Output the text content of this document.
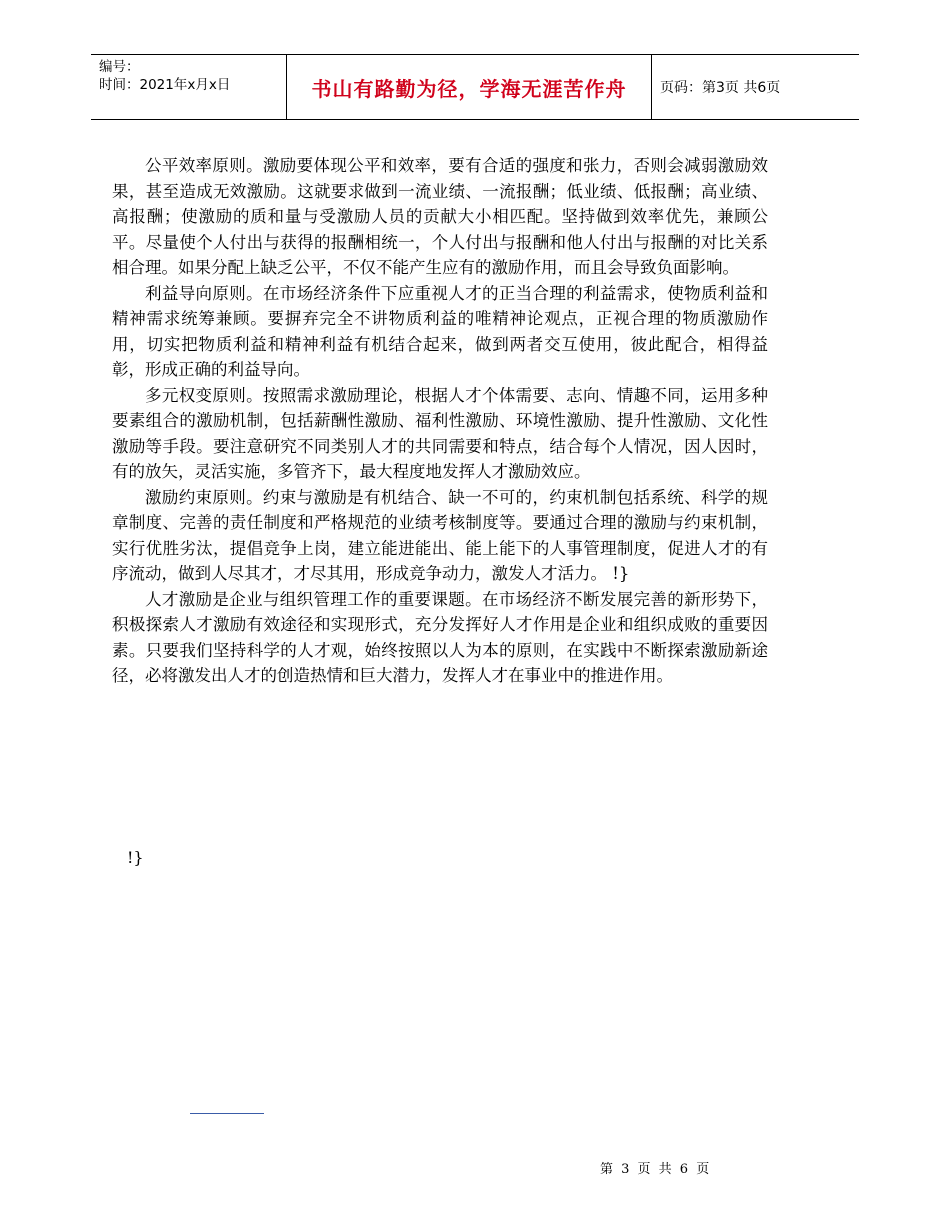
编号：
时间：2021年x月x日	书山有路勤为径，学海无涯苦作舟	页码：第3页 共6页

公平效率原则。激励要体现公平和效率，要有合适的强度和张力，否则会减弱激励效果，甚至造成无效激励。这就要求做到一流业绩、一流报酬；低业绩、低报酬；高业绩、高报酬；使激励的质和量与受激励人员的贡献大小相匹配。坚持做到效率优先，兼顾公平。尽量使个人付出与获得的报酬相统一，个人付出与报酬和他人付出与报酬的对比关系相合理。如果分配上缺乏公平，不仅不能产生应有的激励作用，而且会导致负面影响。

利益导向原则。在市场经济条件下应重视人才的正当合理的利益需求，使物质利益和精神需求统筹兼顾。要摒弃完全不讲物质利益的唯精神论观点，正视合理的物质激励作用，切实把物质利益和精神利益有机结合起来，做到两者交互使用，彼此配合，相得益彰，形成正确的利益导向。

多元权变原则。按照需求激励理论，根据人才个体需要、志向、情趣不同，运用多种要素组合的激励机制，包括薪酬性激励、福利性激励、环境性激励、提升性激励、文化性激励等手段。要注意研究不同类别人才的共同需要和特点，结合每个人情况，因人因时，有的放矢，灵活实施，多管齐下，最大程度地发挥人才激励效应。

激励约束原则。约束与激励是有机结合、缺一不可的，约束机制包括系统、科学的规章制度、完善的责任制度和严格规范的业绩考核制度等。要通过合理的激励与约束机制，实行优胜劣汰，提倡竞争上岗，建立能进能出、能上能下的人事管理制度，促进人才的有序流动，做到人尽其才，才尽其用，形成竞争动力，激发人才活力。 !}

人才激励是企业与组织管理工作的重要课题。在市场经济不断发展完善的新形势下，积极探索人才激励有效途径和实现形式，充分发挥好人才作用是企业和组织成败的重要因素。只要我们坚持科学的人才观，始终按照以人为本的原则，在实践中不断探索激励新途径，必将激发出人才的创造热情和巨大潜力，发挥人才在事业中的推进作用。

!}
第 3 页 共 6 页
